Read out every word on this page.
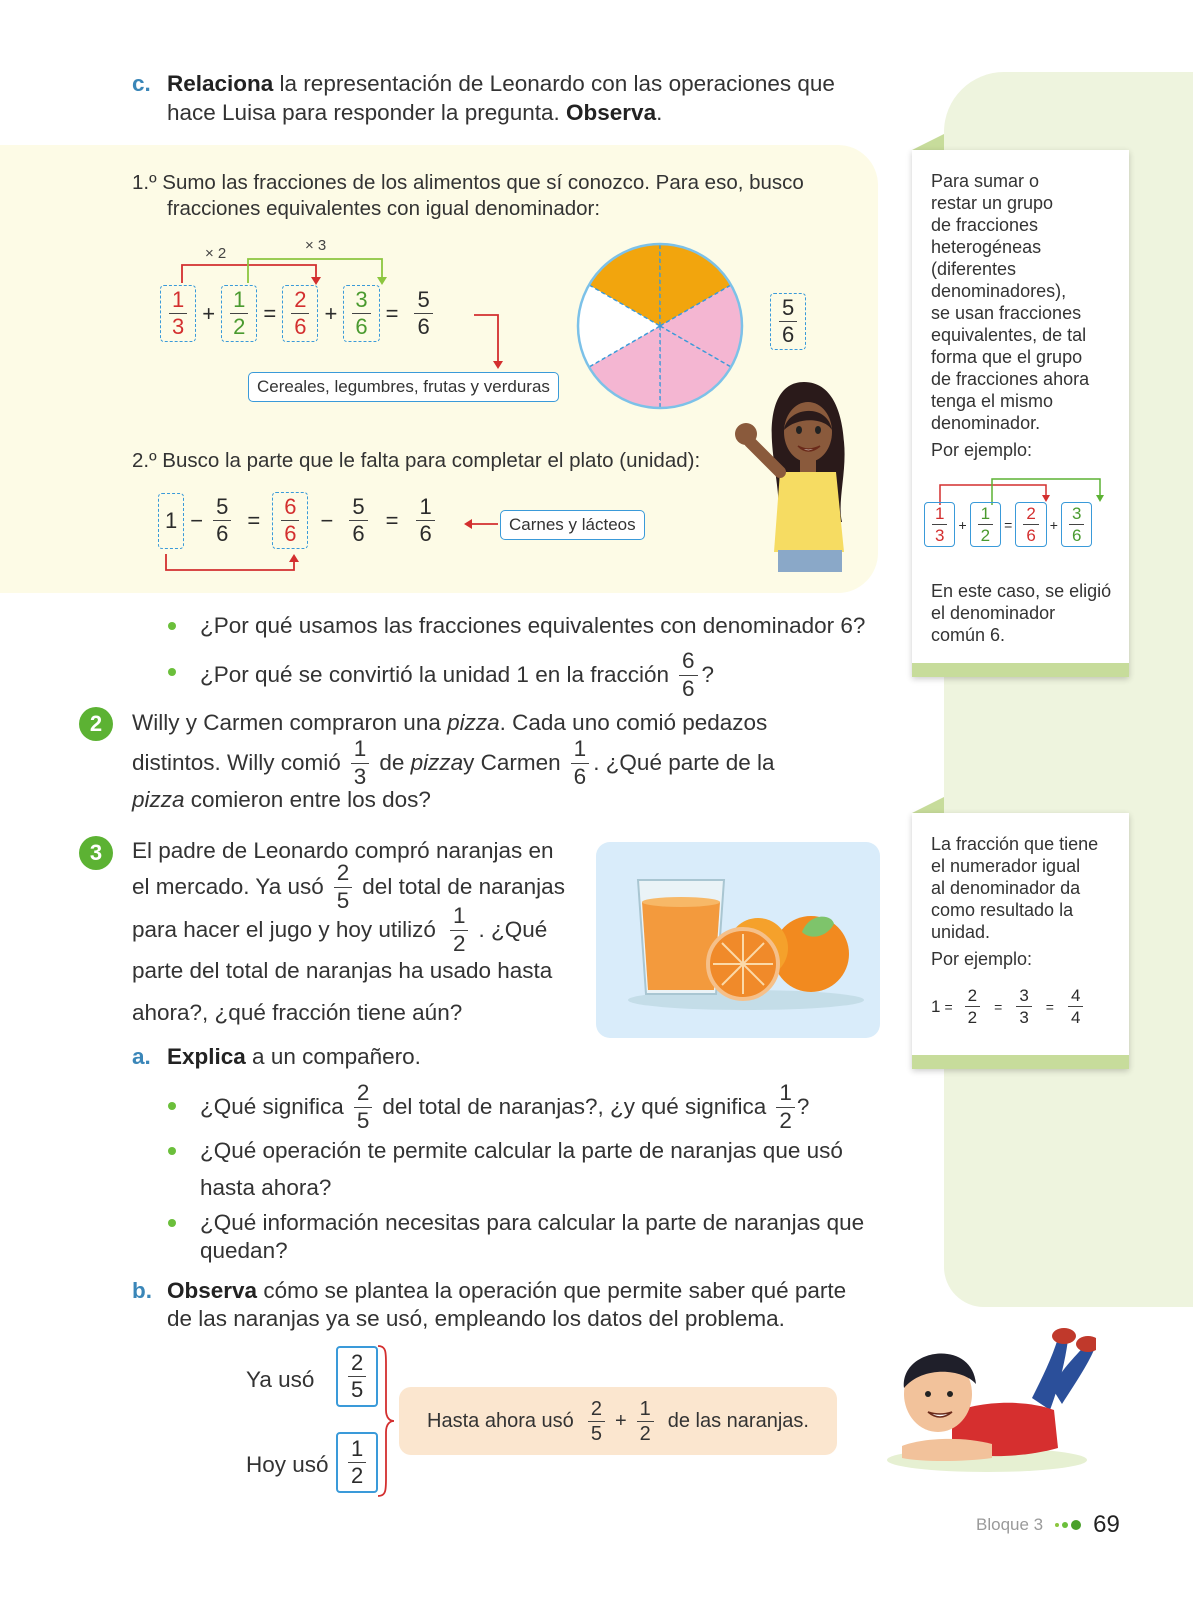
c. Relaciona la representación de Leonardo con las operaciones que
hace Luisa para responder la pregunta. Observa.
1.º Sumo las fracciones de los alimentos que sí conozco. Para eso, busco
fracciones equivalentes con igual denominador:
× 2	× 3
$\frac{1}{3} + \frac{1}{2} = \frac{2}{6} + \frac{3}{6} = \frac{5}{6}$
Cereales, legumbres, frutas y verduras
$\frac{5}{6}$
2.º Busco la parte que le falta para completar el plato (unidad):
$1 - \frac{5}{6} = \frac{6}{6} - \frac{5}{6} = \frac{1}{6}$	Carnes y lácteos
¿Por qué usamos las fracciones equivalentes con denominador 6?
¿Por qué se convirtió la unidad 1 en la fracción $\frac{6}{6}$ ?
2	Willy y Carmen compraron una pizza. Cada uno comió pedazos
distintos. Willy comió $\frac{1}{3}$ de
pizza y Carmen $\frac{1}{6}$ . ¿Qué parte de la
pizza comieron entre los dos?
3	El padre de Leonardo compró naranjas en
el mercado. Ya usó $\frac{2}{5}$ del total de naranjas
para hacer el jugo y hoy utilizó $\frac{1}{2}$ . ¿Qué
parte del total de naranjas ha usado hasta
ahora?, ¿qué fracción tiene aún?
a. Explica a un compañero.
¿Qué significa $\frac{2}{5}$ del total de naranjas?, ¿y qué significa $\frac{1}{2}$ ?
¿Qué operación te permite calcular la parte de naranjas que usó
hasta ahora?
¿Qué información necesitas para calcular la parte de naranjas que
quedan?
b. Observa cómo se plantea la operación que permite saber qué parte
de las naranjas ya se usó, empleando los datos del problema.
Ya usó $\frac{2}{5}$
Hoy usó $\frac{1}{2}$
Hasta ahora usó $\frac{2}{5} + \frac{1}{2}$ de las naranjas.
Para sumar o
restar un grupo
de fracciones
heterogéneas
(diferentes
denominadores),
se usan fracciones
equivalentes, de tal
forma que el grupo
de fracciones ahora
tenga el mismo
denominador.
Por ejemplo:
$\frac{1}{3} + \frac{1}{2} = \frac{2}{6} + \frac{3}{6}$
En este caso, se eligió
el denominador
común 6.
La fracción que tiene
el numerador igual
al denominador da
como resultado la
unidad.
Por ejemplo:
$1 = \frac{2}{2} = \frac{3}{3} = \frac{4}{4}$
Bloque 3 69
